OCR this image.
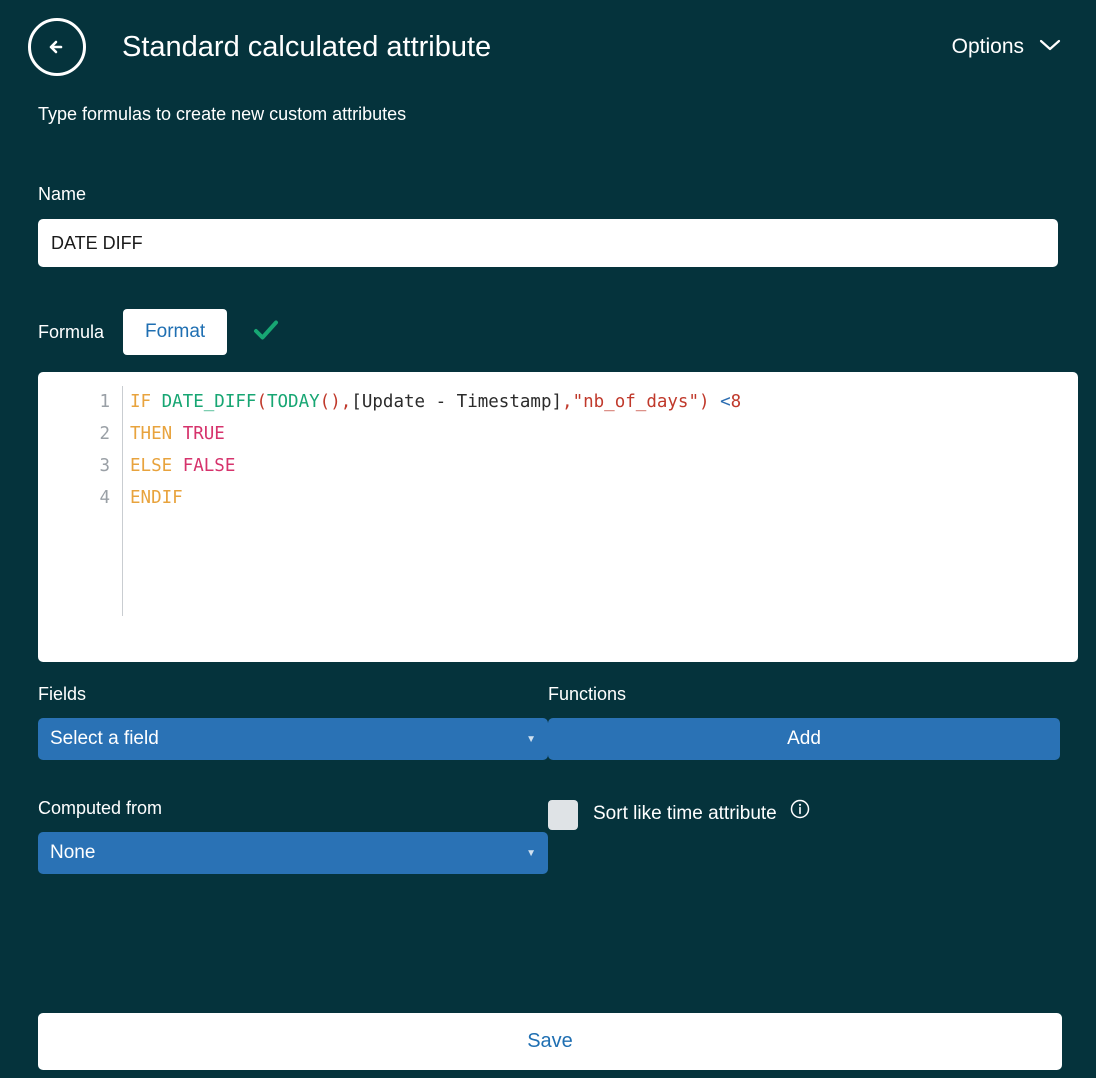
Standard calculated attribute	Options
Type formulas to create new custom attributes
Name
DATE DIFF
Formula	Format
1
2
3
4
IF DATE_DIFF(TODAY(),[Update - Timestamp],"nb_of_days") <8
THEN TRUE
ELSE FALSE
ENDIF
Fields
Select a field	▼
Functions
Add
Computed from
None	▼
Sort like time attribute
Save
